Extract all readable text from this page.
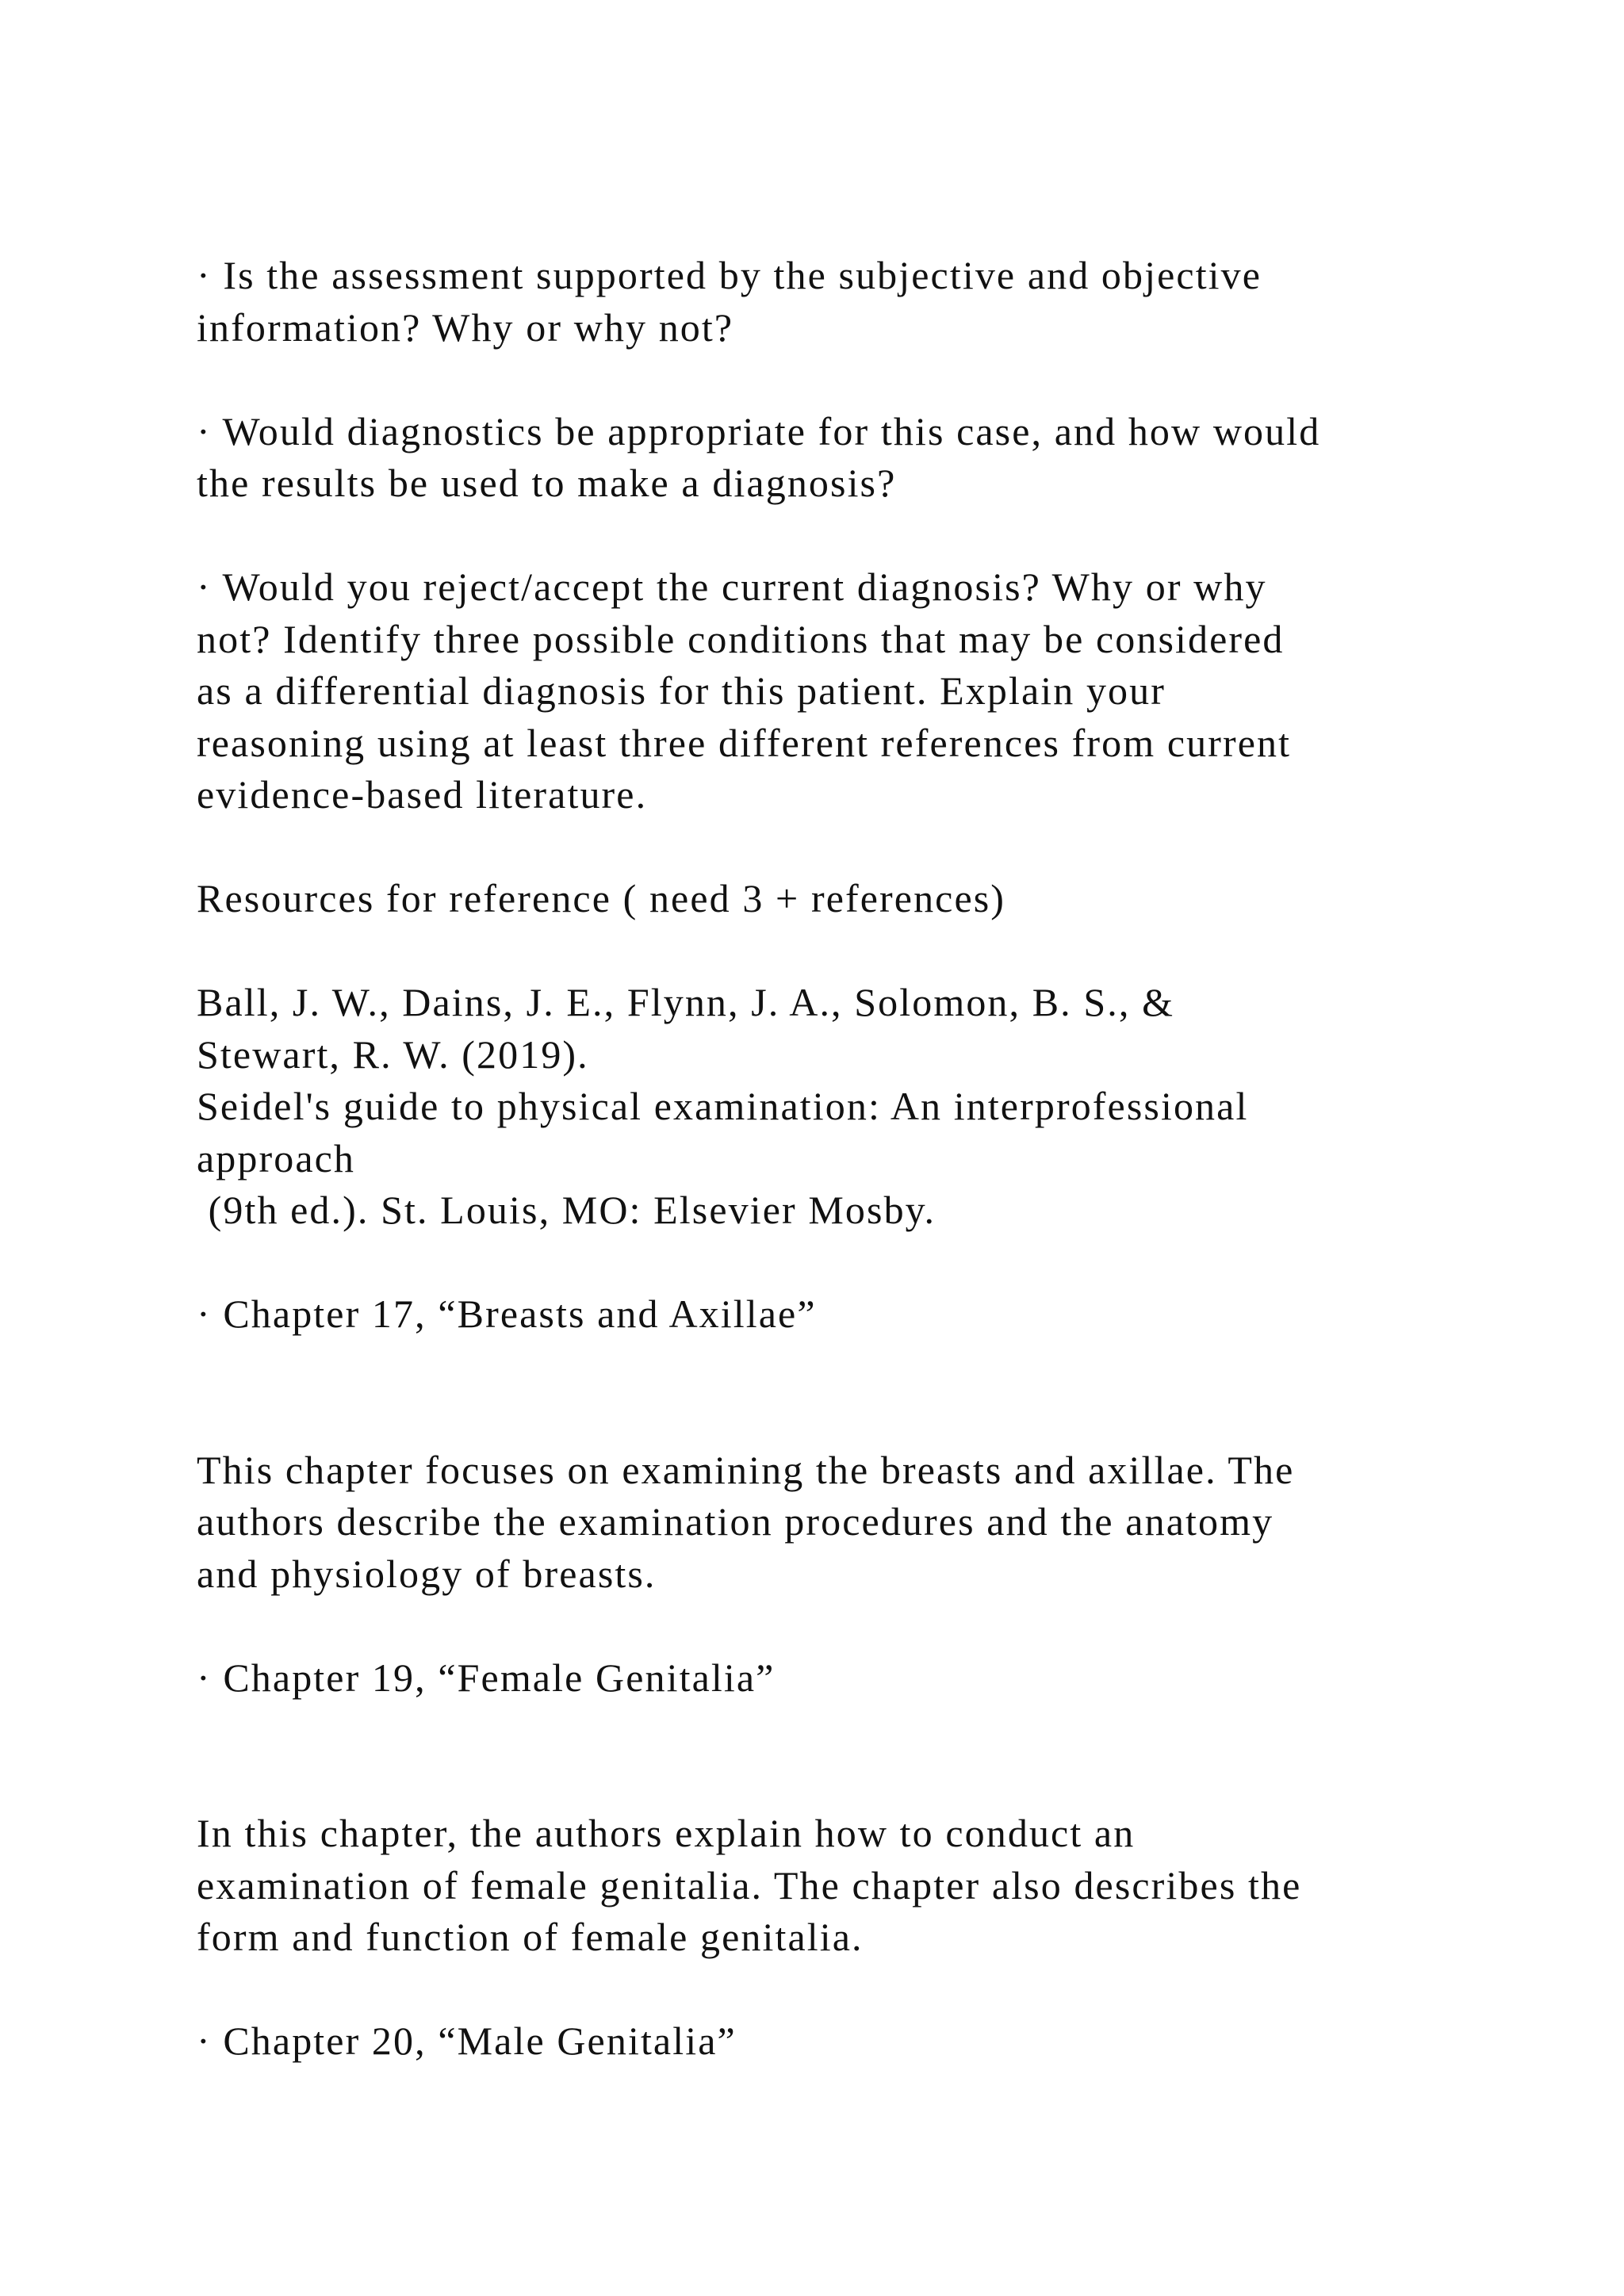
· Is the assessment supported by the subjective and objective
information? Why or why not?
· Would diagnostics be appropriate for this case, and how would
the results be used to make a diagnosis?
· Would you reject/accept the current diagnosis? Why or why
not? Identify three possible conditions that may be considered
as a differential diagnosis for this patient. Explain your
reasoning using at least three different references from current
evidence-based literature.
Resources for reference ( need 3 + references)
Ball, J. W., Dains, J. E., Flynn, J. A., Solomon, B. S., &
Stewart, R. W. (2019).
Seidel's guide to physical examination: An interprofessional
approach
(9th ed.). St. Louis, MO: Elsevier Mosby.
· Chapter 17, “Breasts and Axillae”
This chapter focuses on examining the breasts and axillae. The
authors describe the examination procedures and the anatomy
and physiology of breasts.
· Chapter 19, “Female Genitalia”
In this chapter, the authors explain how to conduct an
examination of female genitalia. The chapter also describes the
form and function of female genitalia.
· Chapter 20, “Male Genitalia”
